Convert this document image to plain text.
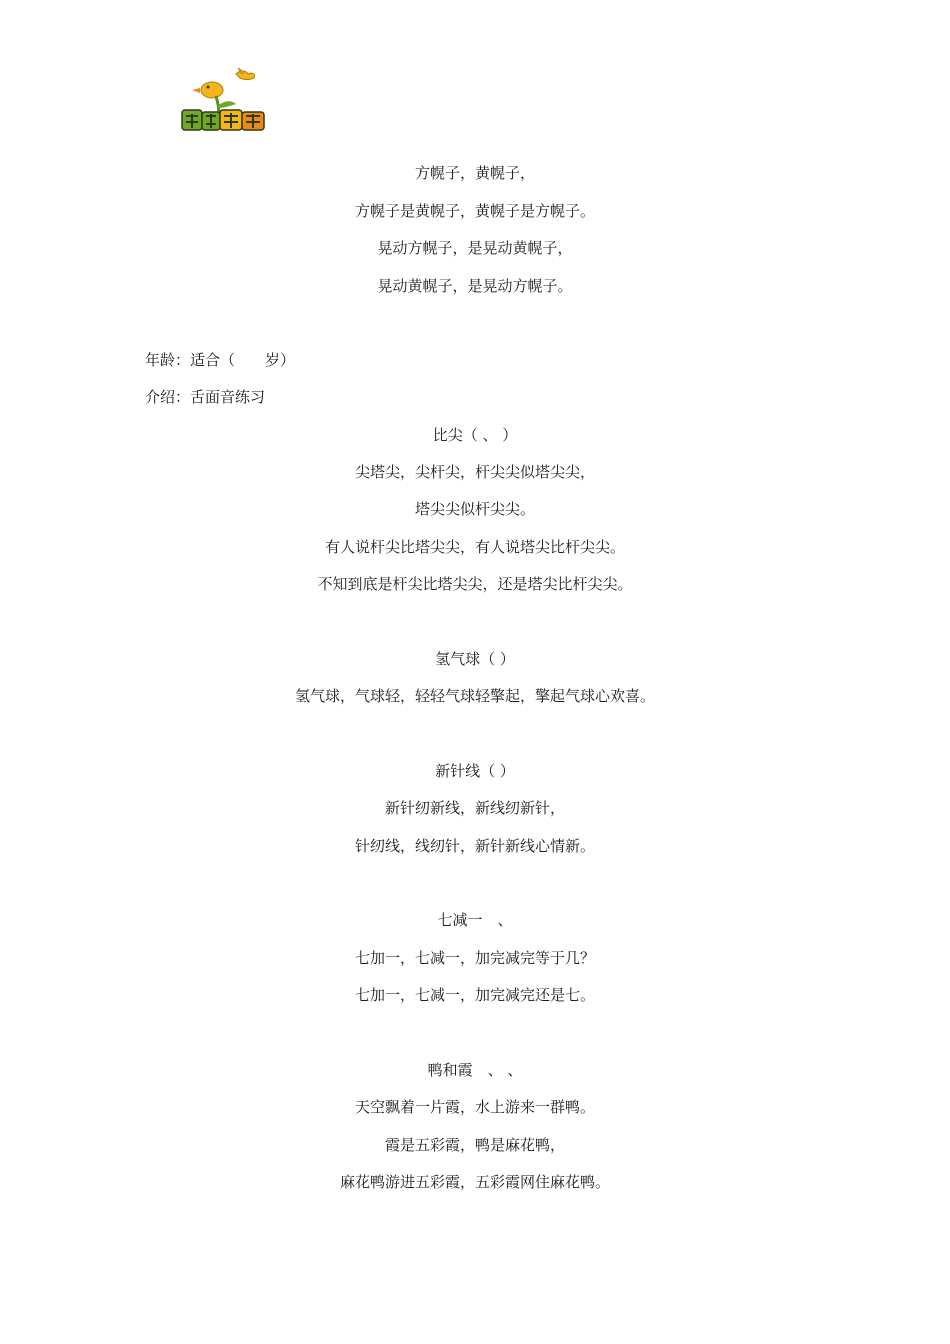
方幌子，黄幌子，
方幌子是黄幌子，黄幌子是方幌子。
晃动方幌子，是晃动黄幌子，
晃动黄幌子，是晃动方幌子。
年龄：适合（　　岁）
介绍：舌面音练习
比尖（ 、 ）
尖塔尖，尖杆尖，杆尖尖似塔尖尖，
塔尖尖似杆尖尖。
有人说杆尖比塔尖尖，有人说塔尖比杆尖尖。
不知到底是杆尖比塔尖尖，还是塔尖比杆尖尖。
氢气球（ ）
氢气球，气球轻，轻轻气球轻擎起，擎起气球心欢喜。
新针线（ ）
新针纫新线，新线纫新针，
针纫线，线纫针，新针新线心情新。
七减一　、
七加一，七减一，加完减完等于几？
七加一，七减一，加完减完还是七。
鸭和霞　、 、
天空飘着一片霞，水上游来一群鸭。
霞是五彩霞，鸭是麻花鸭，
麻花鸭游进五彩霞，五彩霞网住麻花鸭。
